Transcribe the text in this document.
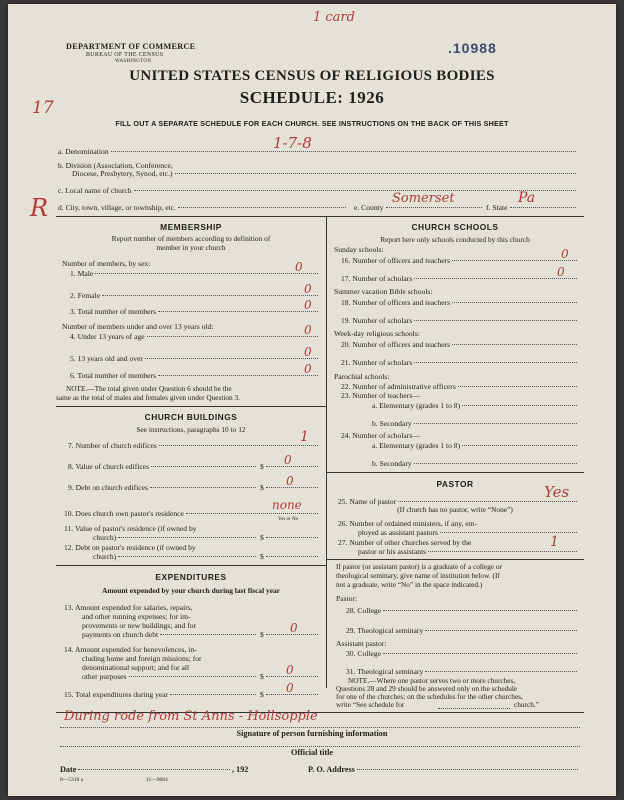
1 card
DEPARTMENT OF COMMERCE
BUREAU OF THE CENSUS
WASHINGTON
.10988
UNITED STATES CENSUS OF RELIGIOUS BODIES
SCHEDULE: 1926
17
R
FILL OUT A SEPARATE SCHEDULE FOR EACH CHURCH. SEE INSTRUCTIONS ON THE BACK OF THIS SHEET
a. Denomination	1-7-8
b. Division (Association, Conference,
Diocese, Presbytery, Synod, etc.)
c. Local name of church
d. City, town, village, or township, etc.	e. County
Somerset
f. State
Pa
MEMBERSHIP
Report number of members according to definition of
member in your church
Number of members, by sex:
1. Male	0
2. Female	0
3. Total number of members	0
Number of members under and over 13 years old:
4. Under 13 years of age	0
5. 13 years old and over	0
6. Total number of members	0
NOTE.—The total given under Question 6 should be the
same as the total of males and females given under Question 3.
CHURCH BUILDINGS
See instructions, paragraphs 10 to 12
7. Number of church edifices
1
8. Value of church edifices	$ 0
9. Debt on church edifices	$ 0
10. Does church own pastor's residence
none
Yes or No
11. Value of pastor's residence (if owned by
church)	$
12. Debt on pastor's residence (if owned by
church)	$
EXPENDITURES
Amount expended by your church during last fiscal year
13. Amount expended for salaries, repairs,
and other running expenses; for im-
provements or new buildings; and for
payments on church debt	$ 0
14. Amount expended for benevolences, in-
cluding home and foreign missions; for
denominational support; and for all
other purposes	$ 0
15. Total expenditures during year	$ 0
CHURCH SCHOOLS
Report here only schools conducted by this church
Sunday schools:
16. Number of officers and teachers	0
17. Number of scholars	0
Summer vacation Bible schools:
18. Number of officers and teachers
19. Number of scholars
Week-day religious schools:
20. Number of officers and teachers
21. Number of scholars
Parochial schools:
22. Number of administrative officers
23. Number of teachers—
a. Elementary (grades 1 to 8)
b. Secondary
24. Number of scholars—
a. Elementary (grades 1 to 8)
b. Secondary
PASTOR
25. Name of pastor
Yes
(If church has no pastor, write “None”)
26. Number of ordained ministers, if any, em-
ployed as assistant pastors
27. Number of other churches served by the
pastor or his assistants
1
If pastor (or assistant pastor) is a graduate of a college or
theological seminary, give name of institution below. (If
not a graduate, write “No” in the space indicated.)
Pastor:
28. College
29. Theological seminary
Assistant pastor:
30. College
31. Theological seminary
NOTE.—Where one pastor serves two or more churches,
Questions 28 and 29 should be answered only on the schedule
for one of the churches; on the schedules for the other churches,
write “See schedule for	church.”
During rode from St Anns - Hollsopple
Signature of person furnishing information
Official title
Date	, 192	P. O. Address
8—5318 a	11—9684
